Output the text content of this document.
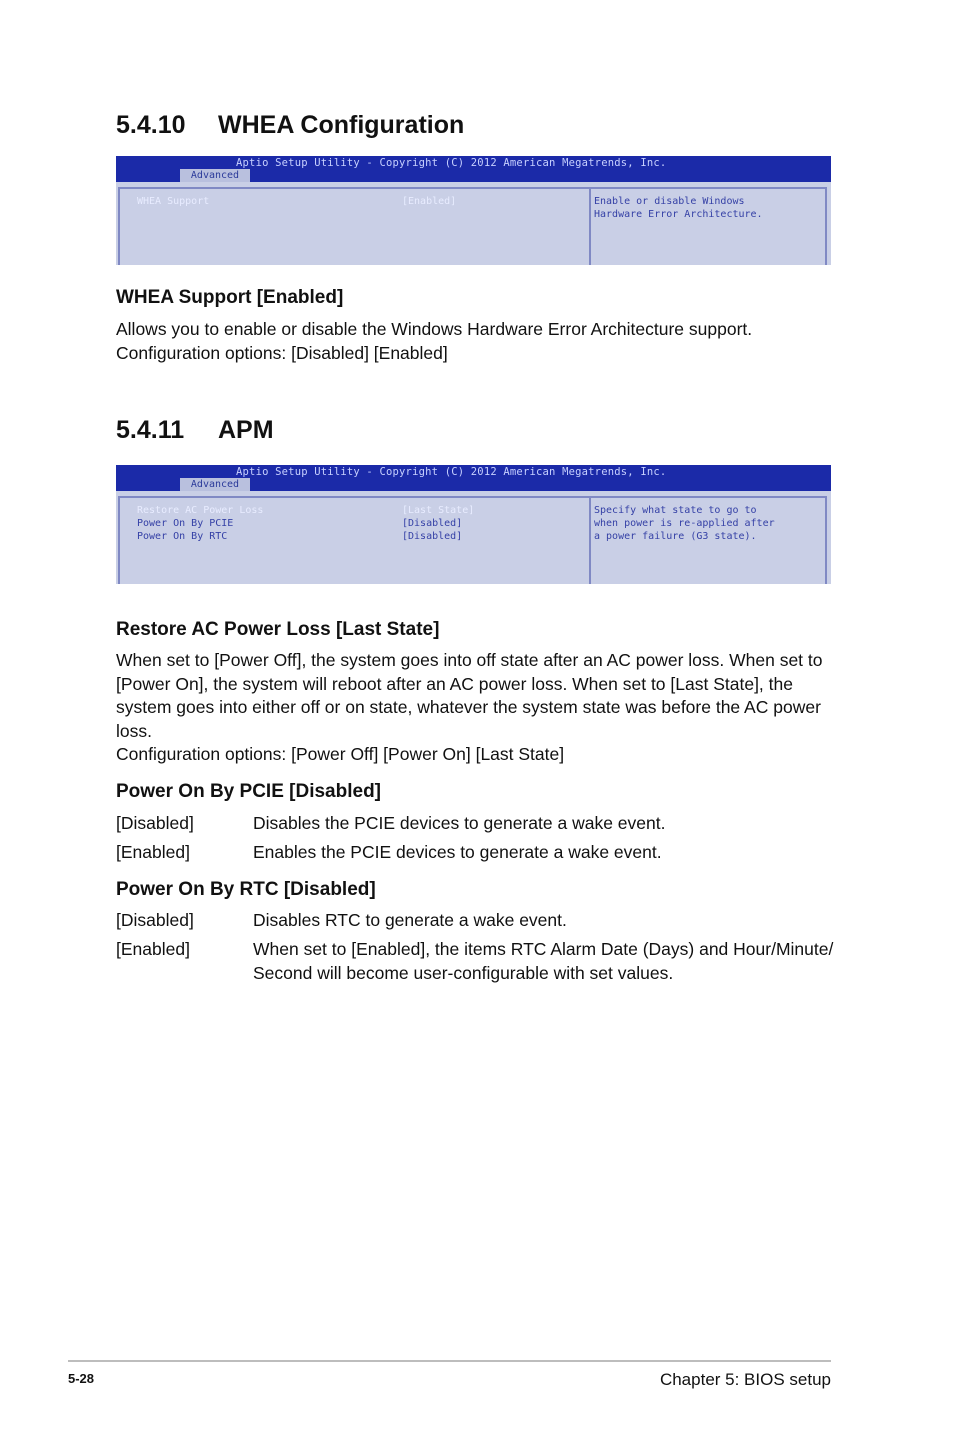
5.4.10 WHEA Configuration
Aptio Setup Utility - Copyright (C) 2012 American Megatrends, Inc.
Advanced
WHEA Support	[Enabled]	Enable or disable Windows
Hardware Error Architecture.
WHEA Support [Enabled]

Allows you to enable or disable the Windows Hardware Error Architecture support.

Configuration options: [Disabled] [Enabled]

5.4.11 APM
Aptio Setup Utility - Copyright (C) 2012 American Megatrends, Inc.
Advanced
Restore AC Power Loss	[Last State]
Power On By PCIE	[Disabled]
Power On By RTC	[Disabled]
Specify what state to go to
when power is re-applied after
a power failure (G3 state).
Restore AC Power Loss [Last State]

When set to [Power Off], the system goes into off state after an AC power loss. When set to [Power On], the system will reboot after an AC power loss. When set to [Last State], the system goes into either off or on state, whatever the system state was before the AC power loss.

Configuration options: [Power Off] [Power On] [Last State]

Power On By PCIE [Disabled]
[Disabled]	Disables the PCIE devices to generate a wake event.
[Enabled]	Enables the PCIE devices to generate a wake event.
Power On By RTC [Disabled]
[Disabled]	Disables RTC to generate a wake event.
[Enabled]	When set to [Enabled], the items RTC Alarm Date (Days) and Hour/Minute/ Second will become user-configurable with set values.
5-28	Chapter 5: BIOS setup
